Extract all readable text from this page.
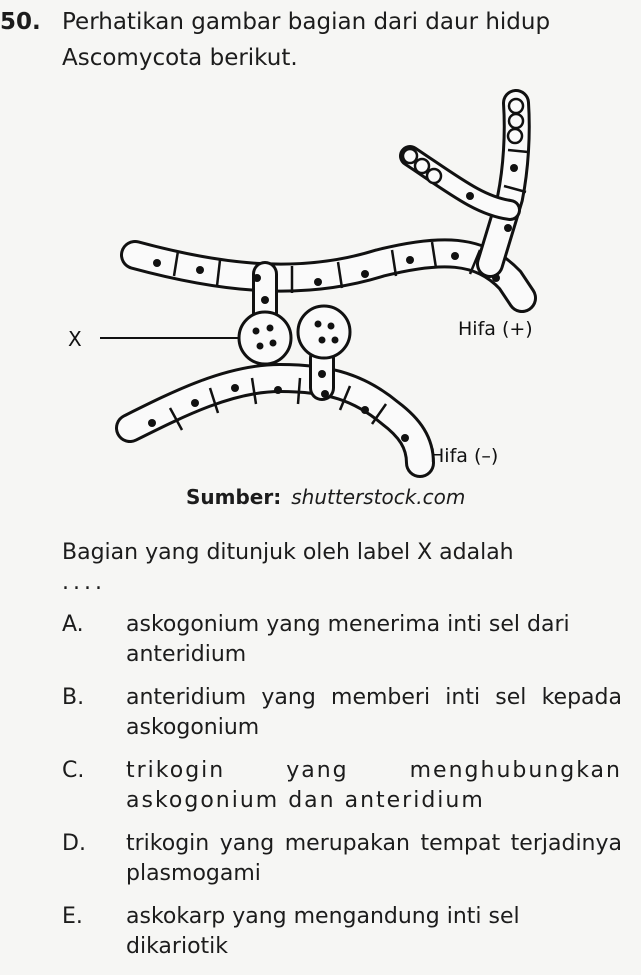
50. Perhatikan gambar bagian dari daur hidup Ascomycota berikut.
X	Hifa (+)
Hifa (–)
Sumber: shutterstock.com
Bagian yang ditunjuk oleh label X adalah
....
A. askogonium yang menerima inti sel dari anteridium
B. anteridium yang memberi inti sel kepada askogonium
C. trikogin yang menghubungkan askogonium dan anteridium
D. trikogin yang merupakan tempat terjadinya plasmogami
E. askokarp yang mengandung inti sel dikariotik
